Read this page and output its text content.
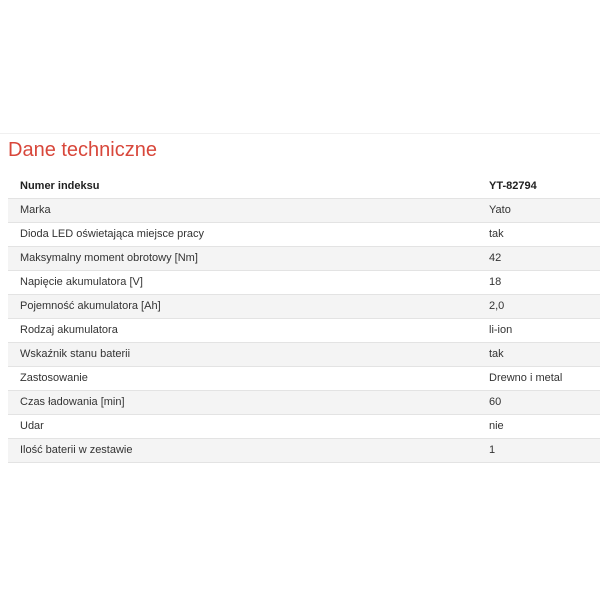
Dane techniczne
Numer indeksu	YT-82794
Marka	Yato
Dioda LED oświetająca miejsce pracy	tak
Maksymalny moment obrotowy [Nm]	42
Napięcie akumulatora [V]	18
Pojemność akumulatora [Ah]	2,0
Rodzaj akumulatora	li-ion
Wskaźnik stanu baterii	tak
Zastosowanie	Drewno i metal
Czas ładowania [min]	60
Udar	nie
Ilość baterii w zestawie	1
